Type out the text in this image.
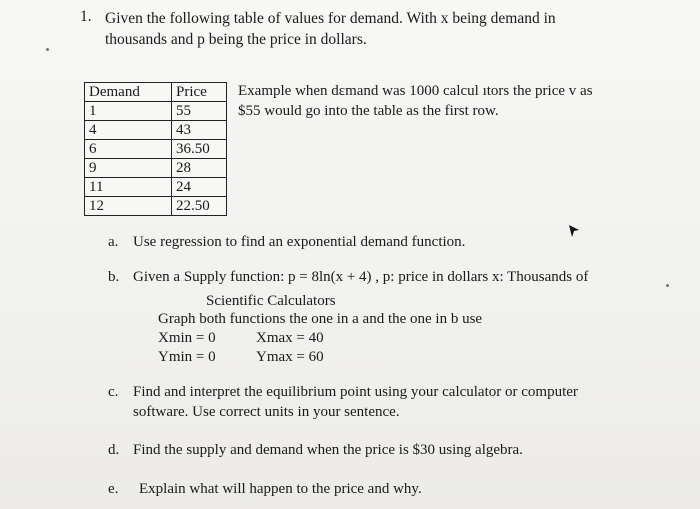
1. Given the following table of values for demand. With x being demand in
thousands and p being the price in dollars.
Demand	Price
1	55
4	43
6	36.50
9	28
11	24
12	22.50
Example when dɛmand was 1000 calcul ıtors the price v as
$55 would go into the table as the first row.
a. Use regression to find an exponential demand function.
b. Given a Supply function: p = 8ln(x + 4) , p: price in dollars x: Thousands of
Scientific Calculators
Graph both functions the one in a and the one in b use
Xmin = 0	Xmax = 40
Ymin = 0	Ymax = 60
c. Find and interpret the equilibrium point using your calculator or computer
software. Use correct units in your sentence.
d. Find the supply and demand when the price is $30 using algebra.
e. Explain what will happen to the price and why.
